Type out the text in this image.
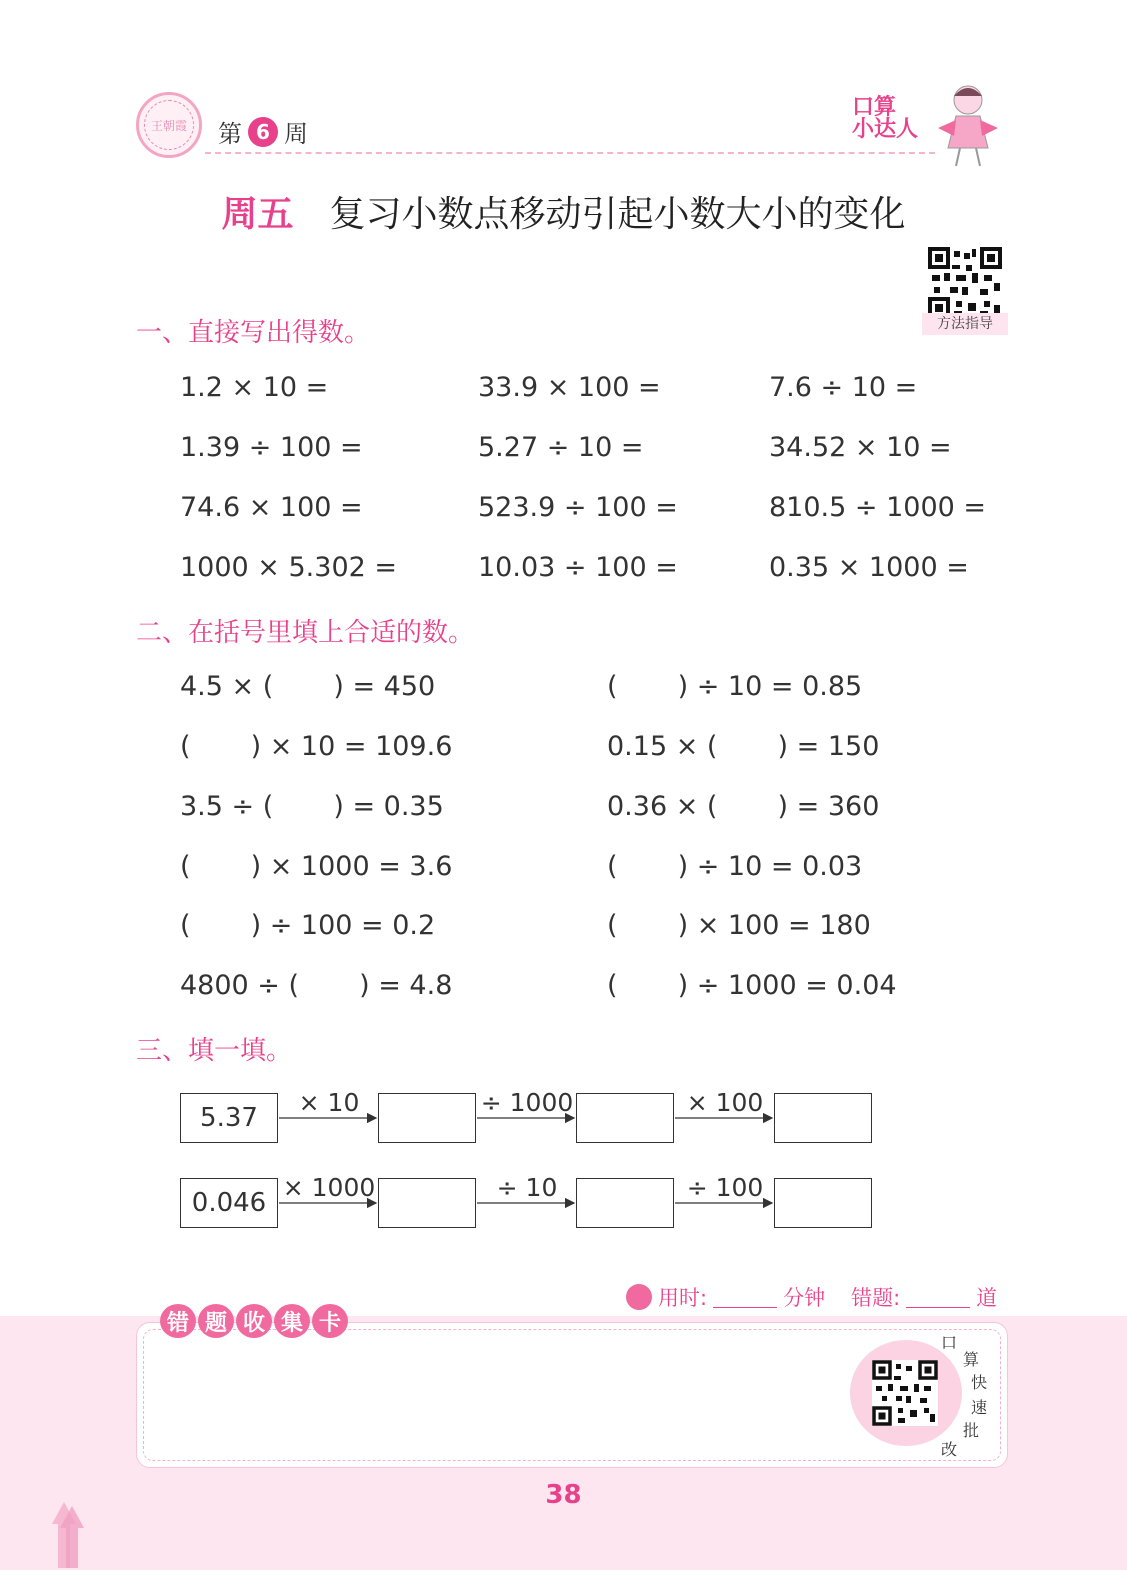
王朝霞 第 6 周
口算
小达人
周五 复习小数点移动引起小数大小的变化
方法指导
一、直接写出得数。
1.2 × 10 =	33.9 × 100 =	7.6 ÷ 10 =
1.39 ÷ 100 =	5.27 ÷ 10 =	34.52 × 10 =
74.6 × 100 =	523.9 ÷ 100 =	810.5 ÷ 1000 =
1000 × 5.302 =	10.03 ÷ 100 =	0.35 × 1000 =
二、在括号里填上合适的数。
4.5 × (       ) = 450	(       ) ÷ 10 = 0.85
(       ) × 10 = 109.6	0.15 × (       ) = 150
3.5 ÷ (       ) = 0.35	0.36 × (       ) = 360
(       ) × 1000 = 3.6	(       ) ÷ 10 = 0.03
(       ) ÷ 100 = 0.2	(       ) × 100 = 180
4800 ÷ (       ) = 4.8	(       ) ÷ 1000 = 0.04
三、填一填。
5.37
× 10	÷ 1000	× 100
0.046
× 1000	÷ 10	÷ 100
用时:	分钟 错题:	道
错 题 收 集 卡
口
算
快
速
批
改
38
